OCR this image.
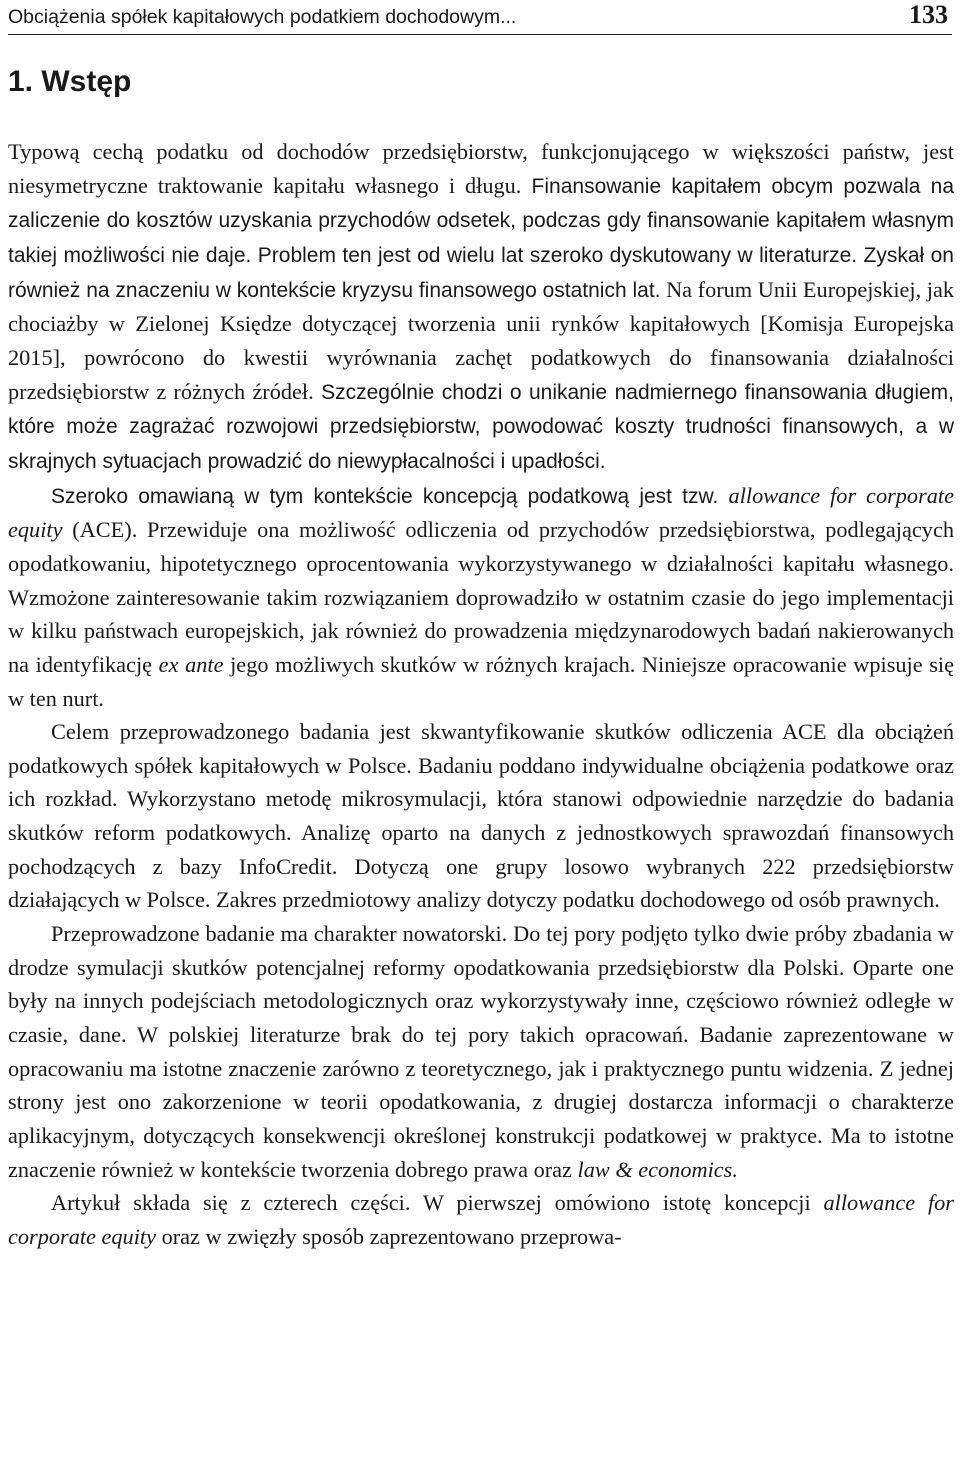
Obciążenia spółek kapitałowych podatkiem dochodowym...	133
1. Wstęp

Typową cechą podatku od dochodów przedsiębiorstw, funkcjonującego w większości państw, jest niesymetryczne traktowanie kapitału własnego i długu. Finansowanie kapitałem obcym pozwala na zaliczenie do kosztów uzyskania przychodów odsetek, podczas gdy finansowanie kapitałem własnym takiej możliwości nie daje. Problem ten jest od wielu lat szeroko dyskutowany w literaturze. Zyskał on również na znaczeniu w kontekście kryzysu finansowego ostatnich lat. Na forum Unii Europejskiej, jak chociażby w Zielonej Księdze dotyczącej tworzenia unii rynków kapitałowych [Komisja Europejska 2015], powrócono do kwestii wyrównania zachęt podatkowych do finansowania działalności przedsiębiorstw z różnych źródeł. Szczególnie chodzi o unikanie nadmiernego finansowania długiem, które może zagrażać rozwojowi przedsiębiorstw, powodować koszty trudności finansowych, a w skrajnych sytuacjach prowadzić do niewypłacalności i upadłości.

Szeroko omawianą w tym kontekście koncepcją podatkową jest tzw. allowance for corporate equity (ACE). Przewiduje ona możliwość odliczenia od przychodów przedsiębiorstwa, podlegających opodatkowaniu, hipotetycznego oprocentowania wykorzystywanego w działalności kapitału własnego. Wzmożone zainteresowanie takim rozwiązaniem doprowadziło w ostatnim czasie do jego implementacji w kilku państwach europejskich, jak również do prowadzenia międzynarodowych badań nakierowanych na identyfikację ex ante jego możliwych skutków w różnych krajach. Niniejsze opracowanie wpisuje się w ten nurt.

Celem przeprowadzonego badania jest skwantyfikowanie skutków odliczenia ACE dla obciążeń podatkowych spółek kapitałowych w Polsce. Badaniu poddano indywidualne obciążenia podatkowe oraz ich rozkład. Wykorzystano metodę mikrosymulacji, która stanowi odpowiednie narzędzie do badania skutków reform podatkowych. Analizę oparto na danych z jednostkowych sprawozdań finansowych pochodzących z bazy InfoCredit. Dotyczą one grupy losowo wybranych 222 przedsiębiorstw działających w Polsce. Zakres przedmiotowy analizy dotyczy podatku dochodowego od osób prawnych.

Przeprowadzone badanie ma charakter nowatorski. Do tej pory podjęto tylko dwie próby zbadania w drodze symulacji skutków potencjalnej reformy opodatkowania przedsiębiorstw dla Polski. Oparte one były na innych podejściach metodologicznych oraz wykorzystywały inne, częściowo również odległe w czasie, dane. W polskiej literaturze brak do tej pory takich opracowań. Badanie zaprezentowane w opracowaniu ma istotne znaczenie zarówno z teoretycznego, jak i praktycznego puntu widzenia. Z jednej strony jest ono zakorzenione w teorii opodatkowania, z drugiej dostarcza informacji o charakterze aplikacyjnym, dotyczących konsekwencji określonej konstrukcji podatkowej w praktyce. Ma to istotne znaczenie również w kontekście tworzenia dobrego prawa oraz law & economics.

Artykuł składa się z czterech części. W pierwszej omówiono istotę koncepcji allowance for corporate equity oraz w zwięzły sposób zaprezentowano przeprowa-
